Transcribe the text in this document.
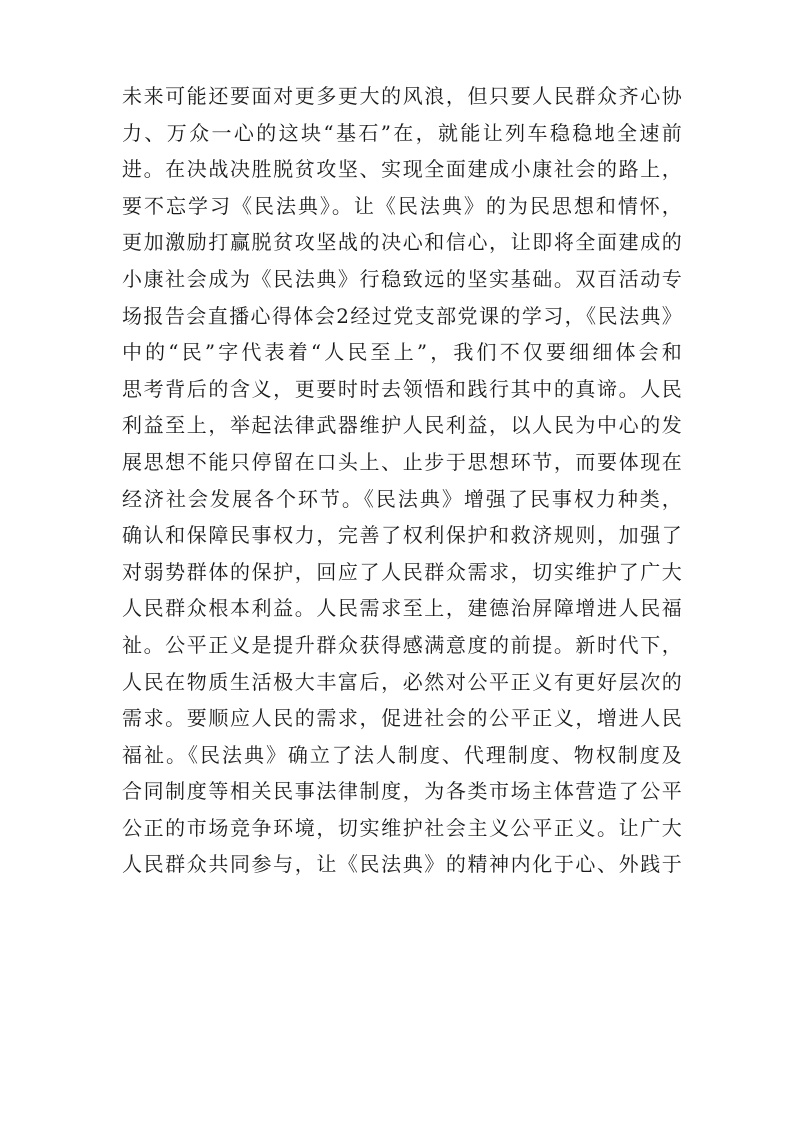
未来可能还要面对更多更大的风浪，但只要人民群众齐心协
力、万众一心的这块“基石”在，就能让列车稳稳地全速前
进。在决战决胜脱贫攻坚、实现全面建成小康社会的路上，
要不忘学习《民法典》。让《民法典》的为民思想和情怀，
更加激励打赢脱贫攻坚战的决心和信心，让即将全面建成的
小康社会成为《民法典》行稳致远的坚实基础。双百活动专
场报告会直播心得体会2经过党支部党课的学习，《民法典》
中的“民”字代表着“人民至上”，我们不仅要细细体会和
思考背后的含义，更要时时去领悟和践行其中的真谛。人民
利益至上，举起法律武器维护人民利益，以人民为中心的发
展思想不能只停留在口头上、止步于思想环节，而要体现在
经济社会发展各个环节。《民法典》增强了民事权力种类，
确认和保障民事权力，完善了权利保护和救济规则，加强了
对弱势群体的保护，回应了人民群众需求，切实维护了广大
人民群众根本利益。人民需求至上，建德治屏障增进人民福
祉。公平正义是提升群众获得感满意度的前提。新时代下，
人民在物质生活极大丰富后，必然对公平正义有更好层次的
需求。要顺应人民的需求，促进社会的公平正义，增进人民
福祉。《民法典》确立了法人制度、代理制度、物权制度及
合同制度等相关民事法律制度，为各类市场主体营造了公平
公正的市场竞争环境，切实维护社会主义公平正义。让广大
人民群众共同参与，让《民法典》的精神内化于心、外践于
